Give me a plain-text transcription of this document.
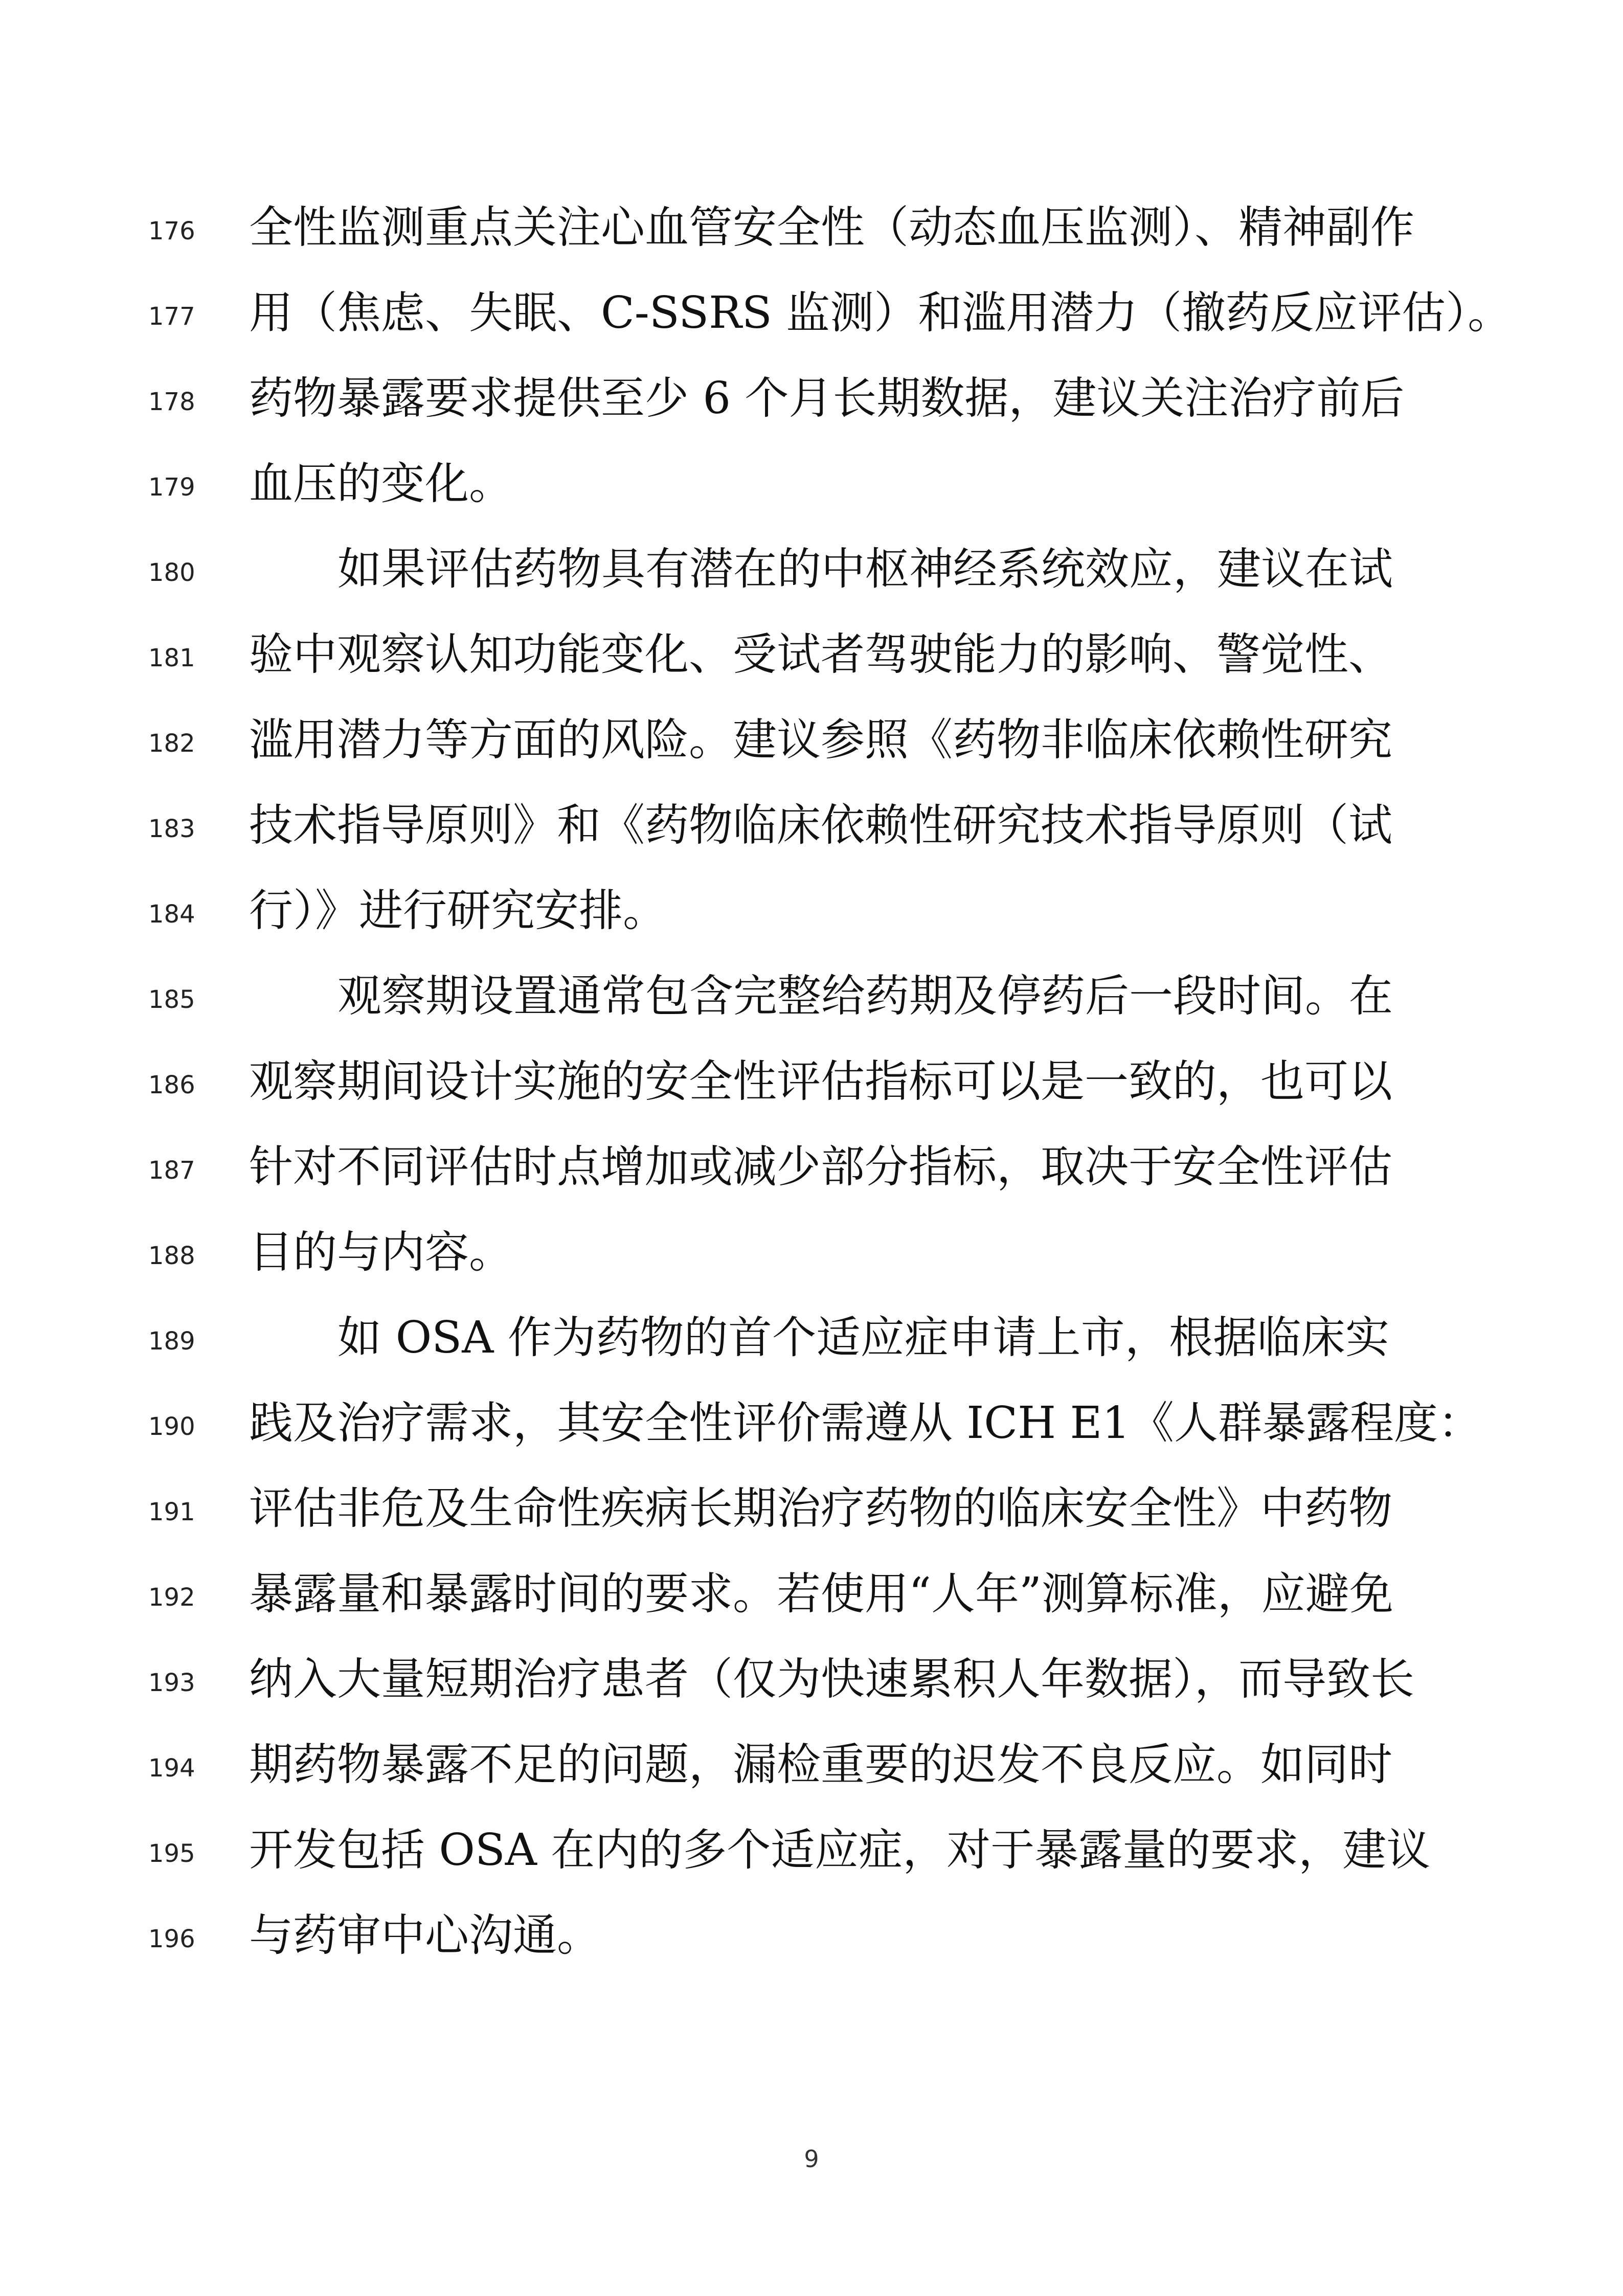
176 全性监测重点关注心血管安全性（动态血压监测）、精神副作
177 用（焦虑、失眠、C-SSRS 监测）和滥用潜力（撤药反应评估）。
178 药物暴露要求提供至少 6 个月长期数据，建议关注治疗前后
179 血压的变化。
180	如果评估药物具有潜在的中枢神经系统效应，建议在试
181 验中观察认知功能变化、受试者驾驶能力的影响、警觉性、
182 滥用潜力等方面的风险。建议参照《药物非临床依赖性研究
183 技术指导原则》和《药物临床依赖性研究技术指导原则（试
184 行）》进行研究安排。
185	观察期设置通常包含完整给药期及停药后一段时间。在
186 观察期间设计实施的安全性评估指标可以是一致的，也可以
187 针对不同评估时点增加或减少部分指标，取决于安全性评估
188 目的与内容。
189	如 OSA 作为药物的首个适应症申请上市，根据临床实
190 践及治疗需求，其安全性评价需遵从 ICH E1《人群暴露程度：
191 评估非危及生命性疾病长期治疗药物的临床安全性》中药物
192 暴露量和暴露时间的要求。若使用“人年”测算标准，应避免
193 纳入大量短期治疗患者（仅为快速累积人年数据），而导致长
194 期药物暴露不足的问题，漏检重要的迟发不良反应。如同时
195 开发包括 OSA 在内的多个适应症，对于暴露量的要求，建议
196 与药审中心沟通。
9
